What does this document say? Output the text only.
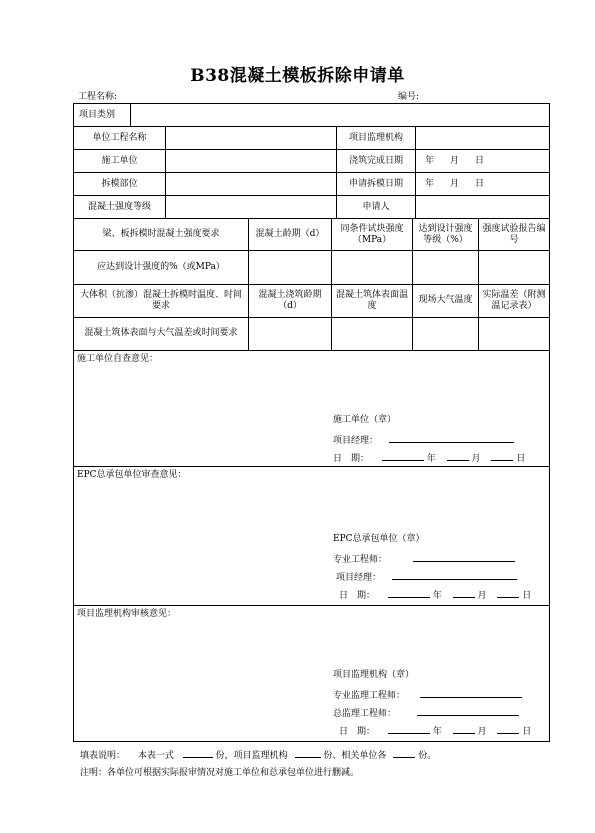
B38混凝土模板拆除申请单
工程名称:	编号:
项目类别								
单位工程名称					项目监理机构			
施工单位					浇筑完成日期		年 月 日	
拆模部位					申请拆模日期		年 月 日	
混凝土强度等级					申请人			
梁、板拆模时混凝土强度要求			混凝土龄期（d）	同条件试块强度（MPa）		达到设计强度等级（%）		强度试验报告编号
应达到设计强度的%（或MPa）								
大体积（抗渗）混凝土拆模时温度、时间要求			混凝土浇筑龄期（d）	混凝土筑体表面温度		现场大气温度		实际温差（附测温记录表）
混凝土筑体表面与大气温差或时间要求								

施工单位自查意见：
施工单位（章）
项目经理：
日　期： 年 月 日								

EPC总承包单位审查意见：
EPC总承包单位（章）
专业工程师：
项目经理：
日　期： 年 月 日								

项目监理机构审核意见：
项目监理机构（章）
专业监理工程师：
总监理工程师：
日　期： 年 月 日								
填表说明： 本表一式	份，项目监理机构	份、相关单位各	份。
注明：各单位可根据实际报审情况对施工单位和总承包单位进行删减。
